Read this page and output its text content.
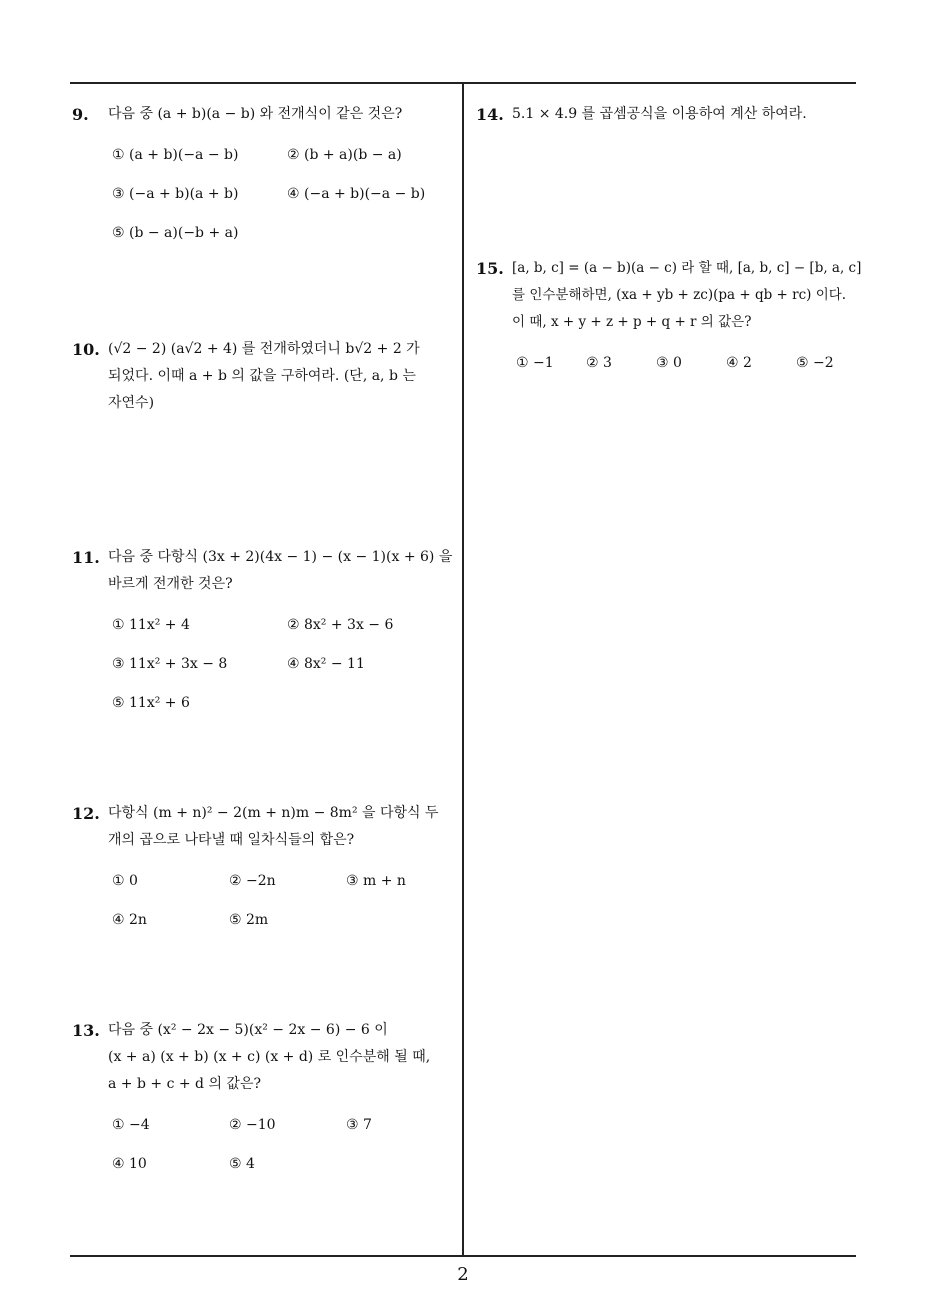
9. 다음 중 (a + b)(a − b) 와 전개식이 같은 것은?
① (a + b)(−a − b)	② (b + a)(b − a)
③ (−a + b)(a + b)	④ (−a + b)(−a − b)
⑤ (b − a)(−b + a)
10. (√2 − 2) (a√2 + 4) 를 전개하였더니 b√2 + 2 가
되었다. 이때 a + b 의 값을 구하여라. (단, a, b 는
자연수)
11. 다음 중 다항식 (3x + 2)(4x − 1) − (x − 1)(x + 6) 을
바르게 전개한 것은?
① 11x² + 4	② 8x² + 3x − 6
③ 11x² + 3x − 8	④ 8x² − 11
⑤ 11x² + 6
12. 다항식 (m + n)² − 2(m + n)m − 8m² 을 다항식 두
개의 곱으로 나타낼 때 일차식들의 합은?
① 0	② −2n	③ m + n
④ 2n	⑤ 2m
13. 다음 중 (x² − 2x − 5)(x² − 2x − 6) − 6 이
(x + a) (x + b) (x + c) (x + d) 로 인수분해 될 때,
a + b + c + d 의 값은?
① −4	② −10	③ 7
④ 10	⑤ 4
14. 5.1 × 4.9 를 곱셈공식을 이용하여 계산 하여라.
15. [a, b, c] = (a − b)(a − c) 라 할 때, [a, b, c] − [b, a, c]
를 인수분해하면, (xa + yb + zc)(pa + qb + rc) 이다.
이 때, x + y + z + p + q + r 의 값은?
① −1 ② 3	③ 0	④ 2	⑤ −2
2
